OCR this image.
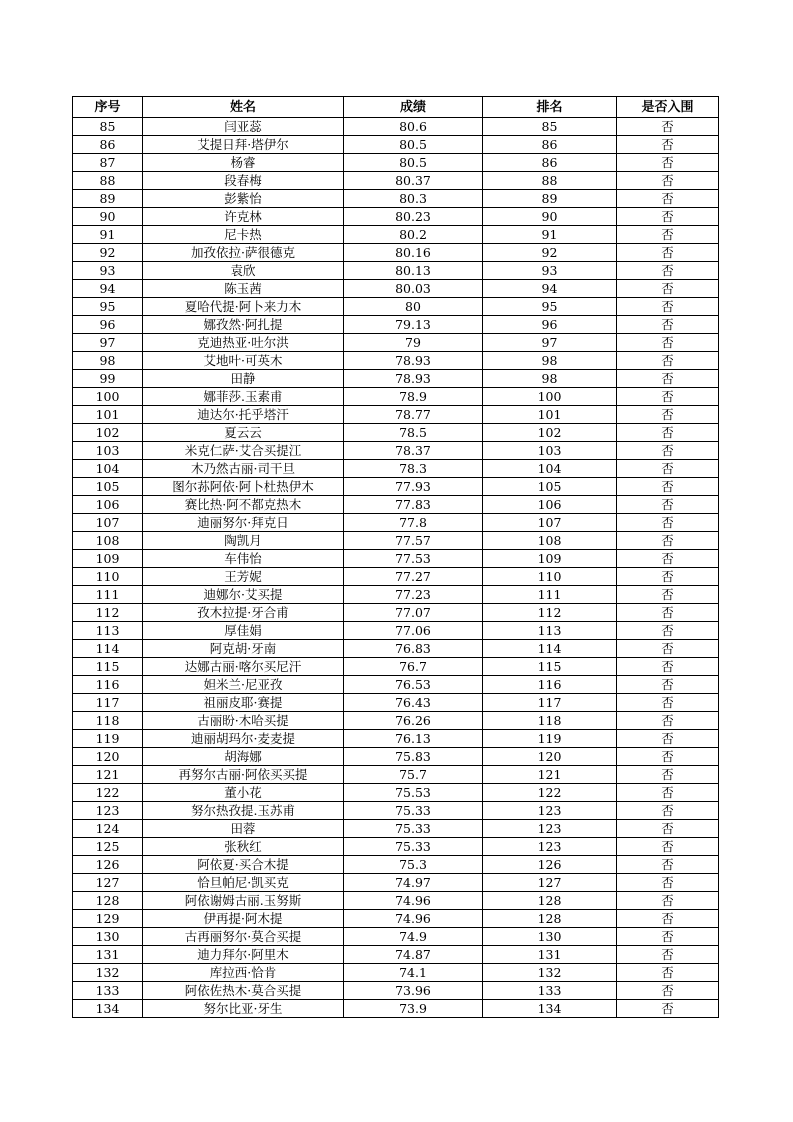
序号	姓名	成绩	排名	是否入围
85	闫亚蕊	80.6	85	否
86	艾提日拜·塔伊尔	80.5	86	否
87	杨睿	80.5	86	否
88	段春梅	80.37	88	否
89	彭紫怡	80.3	89	否
90	许克林	80.23	90	否
91	尼卡热	80.2	91	否
92	加孜依拉·萨很德克	80.16	92	否
93	袁欣	80.13	93	否
94	陈玉茜	80.03	94	否
95	夏哈代提·阿卜来力木	80	95	否
96	娜孜然·阿扎提	79.13	96	否
97	克迪热亚·吐尔洪	79	97	否
98	艾地叶·可英木	78.93	98	否
99	田静	78.93	98	否
100	娜菲莎.玉素甫	78.9	100	否
101	迪达尔·托乎塔汗	78.77	101	否
102	夏云云	78.5	102	否
103	米克仁萨·艾合买提江	78.37	103	否
104	木乃然古丽·司干旦	78.3	104	否
105	图尔荪阿依·阿卜杜热伊木	77.93	105	否
106	赛比热·阿不都克热木	77.83	106	否
107	迪丽努尔·拜克日	77.8	107	否
108	陶凯月	77.57	108	否
109	车伟怡	77.53	109	否
110	王芳妮	77.27	110	否
111	迪娜尔·艾买提	77.23	111	否
112	孜木拉提·牙合甫	77.07	112	否
113	厚佳娟	77.06	113	否
114	阿克胡·牙南	76.83	114	否
115	达娜古丽·喀尔买尼汗	76.7	115	否
116	妲米兰·尼亚孜	76.53	116	否
117	祖丽皮耶·赛提	76.43	117	否
118	古丽盼·木哈买提	76.26	118	否
119	迪丽胡玛尔·麦麦提	76.13	119	否
120	胡海娜	75.83	120	否
121	再努尔古丽·阿依买买提	75.7	121	否
122	董小花	75.53	122	否
123	努尔热孜提.玉苏甫	75.33	123	否
124	田蓉	75.33	123	否
125	张秋红	75.33	123	否
126	阿依夏·买合木提	75.3	126	否
127	恰旦帕尼·凯买克	74.97	127	否
128	阿依谢姆古丽.玉努斯	74.96	128	否
129	伊再提·阿木提	74.96	128	否
130	古再丽努尔·莫合买提	74.9	130	否
131	迪力拜尔·阿里木	74.87	131	否
132	库拉西·恰肯	74.1	132	否
133	阿依佐热木·莫合买提	73.96	133	否
134	努尔比亚·牙生	73.9	134	否
